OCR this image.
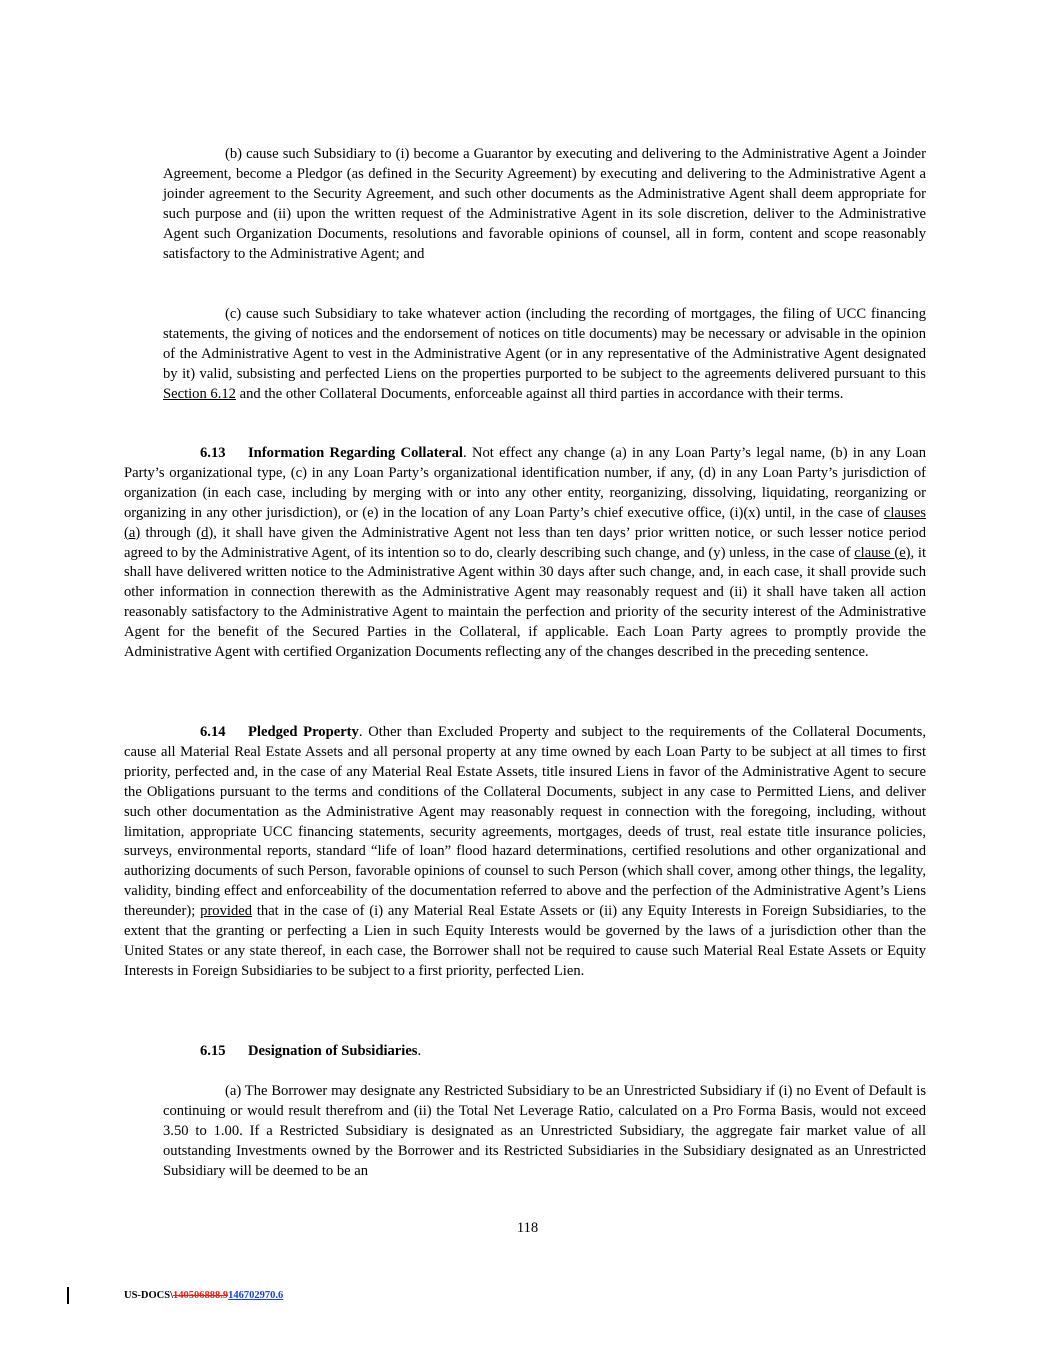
(b) cause such Subsidiary to (i) become a Guarantor by executing and delivering to the Administrative Agent a Joinder Agreement, become a Pledgor (as defined in the Security Agreement) by executing and delivering to the Administrative Agent a joinder agreement to the Security Agreement, and such other documents as the Administrative Agent shall deem appropriate for such purpose and (ii) upon the written request of the Administrative Agent in its sole discretion, deliver to the Administrative Agent such Organization Documents, resolutions and favorable opinions of counsel, all in form, content and scope reasonably satisfactory to the Administrative Agent; and

(c) cause such Subsidiary to take whatever action (including the recording of mortgages, the filing of UCC financing statements, the giving of notices and the endorsement of notices on title documents) may be necessary or advisable in the opinion of the Administrative Agent to vest in the Administrative Agent (or in any representative of the Administrative Agent designated by it) valid, subsisting and perfected Liens on the properties purported to be subject to the agreements delivered pursuant to this Section 6.12 and the other Collateral Documents, enforceable against all third parties in accordance with their terms.

6.13 Information Regarding Collateral. Not effect any change (a) in any Loan Party’s legal name, (b) in any Loan Party’s organizational type, (c) in any Loan Party’s organizational identification number, if any, (d) in any Loan Party’s jurisdiction of organization (in each case, including by merging with or into any other entity, reorganizing, dissolving, liquidating, reorganizing or organizing in any other jurisdiction), or (e) in the location of any Loan Party’s chief executive office, (i)(x) until, in the case of clauses (a) through (d), it shall have given the Administrative Agent not less than ten days’ prior written notice, or such lesser notice period agreed to by the Administrative Agent, of its intention so to do, clearly describing such change, and (y) unless, in the case of clause (e), it shall have delivered written notice to the Administrative Agent within 30 days after such change, and, in each case, it shall provide such other information in connection therewith as the Administrative Agent may reasonably request and (ii) it shall have taken all action reasonably satisfactory to the Administrative Agent to maintain the perfection and priority of the security interest of the Administrative Agent for the benefit of the Secured Parties in the Collateral, if applicable. Each Loan Party agrees to promptly provide the Administrative Agent with certified Organization Documents reflecting any of the changes described in the preceding sentence.

6.14 Pledged Property. Other than Excluded Property and subject to the requirements of the Collateral Documents, cause all Material Real Estate Assets and all personal property at any time owned by each Loan Party to be subject at all times to first priority, perfected and, in the case of any Material Real Estate Assets, title insured Liens in favor of the Administrative Agent to secure the Obligations pursuant to the terms and conditions of the Collateral Documents, subject in any case to Permitted Liens, and deliver such other documentation as the Administrative Agent may reasonably request in connection with the foregoing, including, without limitation, appropriate UCC financing statements, security agreements, mortgages, deeds of trust, real estate title insurance policies, surveys, environmental reports, standard “life of loan” flood hazard determinations, certified resolutions and other organizational and authorizing documents of such Person, favorable opinions of counsel to such Person (which shall cover, among other things, the legality, validity, binding effect and enforceability of the documentation referred to above and the perfection of the Administrative Agent’s Liens thereunder); provided that in the case of (i) any Material Real Estate Assets or (ii) any Equity Interests in Foreign Subsidiaries, to the extent that the granting or perfecting a Lien in such Equity Interests would be governed by the laws of a jurisdiction other than the United States or any state thereof, in each case, the Borrower shall not be required to cause such Material Real Estate Assets or Equity Interests in Foreign Subsidiaries to be subject to a first priority, perfected Lien.

6.15 Designation of Subsidiaries.

(a) The Borrower may designate any Restricted Subsidiary to be an Unrestricted Subsidiary if (i) no Event of Default is continuing or would result therefrom and (ii) the Total Net Leverage Ratio, calculated on a Pro Forma Basis, would not exceed 3.50 to 1.00. If a Restricted Subsidiary is designated as an Unrestricted Subsidiary, the aggregate fair market value of all outstanding Investments owned by the Borrower and its Restricted Subsidiaries in the Subsidiary designated as an Unrestricted Subsidiary will be deemed to be an

118
US-DOCS\140506888.9146702970.6
